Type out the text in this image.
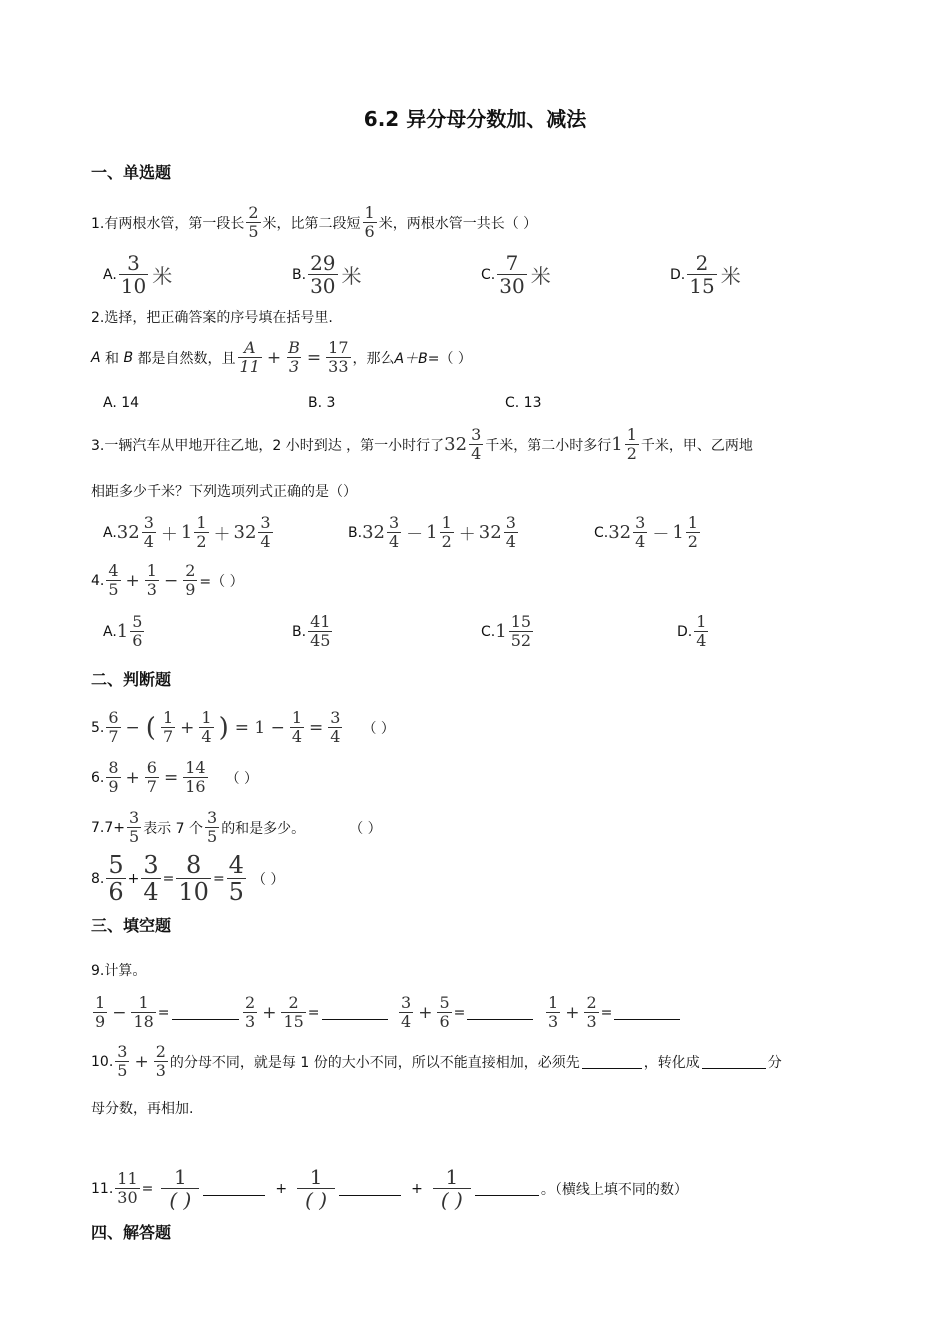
6.2 异分母分数加、减法
一、单选题
1.有两根水管，第一段长 $\frac{2}{5}$ 米，比第二段短 $\frac{1}{6}$ 米，两根水管一共长（ ）
A. $\frac{3}{10}$ 米	B. $\frac{29}{30}$ 米	C. $\frac{7}{30}$ 米	D. $\frac{2}{15}$ 米
2.选择，把正确答案的序号填在括号里.
A 和 B 都是自然数，且 $\frac{A}{11} + \frac{B}{3} = \frac{17}{33}$ ，那么 A＋B= （ ）
A. 14	B. 3	C. 13
3.一辆汽车从甲地开往乙地，2 小时到达 ，第一小时行了 $32 \frac{3}{4}$ 千米，第二小时多行 $1 \frac{1}{2}$ 千米，甲、乙两地
相距多少千米？下列选项列式正确的是（）
A. $32 \frac{3}{4} + 1 \frac{1}{2} + 32 \frac{3}{4}$	B. $32 \frac{3}{4} - 1 \frac{1}{2} + 32 \frac{3}{4}$	C. $32 \frac{3}{4} - 1 \frac{1}{2}$
4. $\frac{4}{5} + \frac{1}{3} - \frac{2}{9}$ =（ ）
A. $1 \frac{5}{6}$	B. $\frac{41}{45}$	C. $1 \frac{15}{52}$	D. $\frac{1}{4}$
二、判断题
5. $\frac{6}{7}$ − ( $\frac{1}{7} + \frac{1}{4}$ ) = $1 - \frac{1}{4} = \frac{3}{4}$ （ ）
6. $\frac{8}{9} + \frac{6}{7} = \frac{14}{16}$ （ ）
$7.7+ \frac{3}{5}$ 表示 7 个 $\frac{3}{5}$ 的和是多少。	（ ）
8. $\frac{5}{6} + \frac{3}{4} = \frac{8}{10} = \frac{4}{5}$ （ ）
三、填空题
9.计算。
$\frac{1}{9} - \frac{1}{18}$ =	$\frac{2}{3} + \frac{2}{15}$ =	$\frac{3}{4} + \frac{5}{6}$ =	$\frac{1}{3} + \frac{2}{3}$ =
10. $\frac{3}{5} + \frac{2}{3}$ 的分母不同，就是每 1 份的大小不同，所以不能直接相加，必须先	，转化成	分
母分数，再相加.
11. $\frac{11}{30} = \frac{1}{( )}$	+ $\frac{1}{( )}$	+ $\frac{1}{( )}$	。（横线上填不同的数）
四、解答题
